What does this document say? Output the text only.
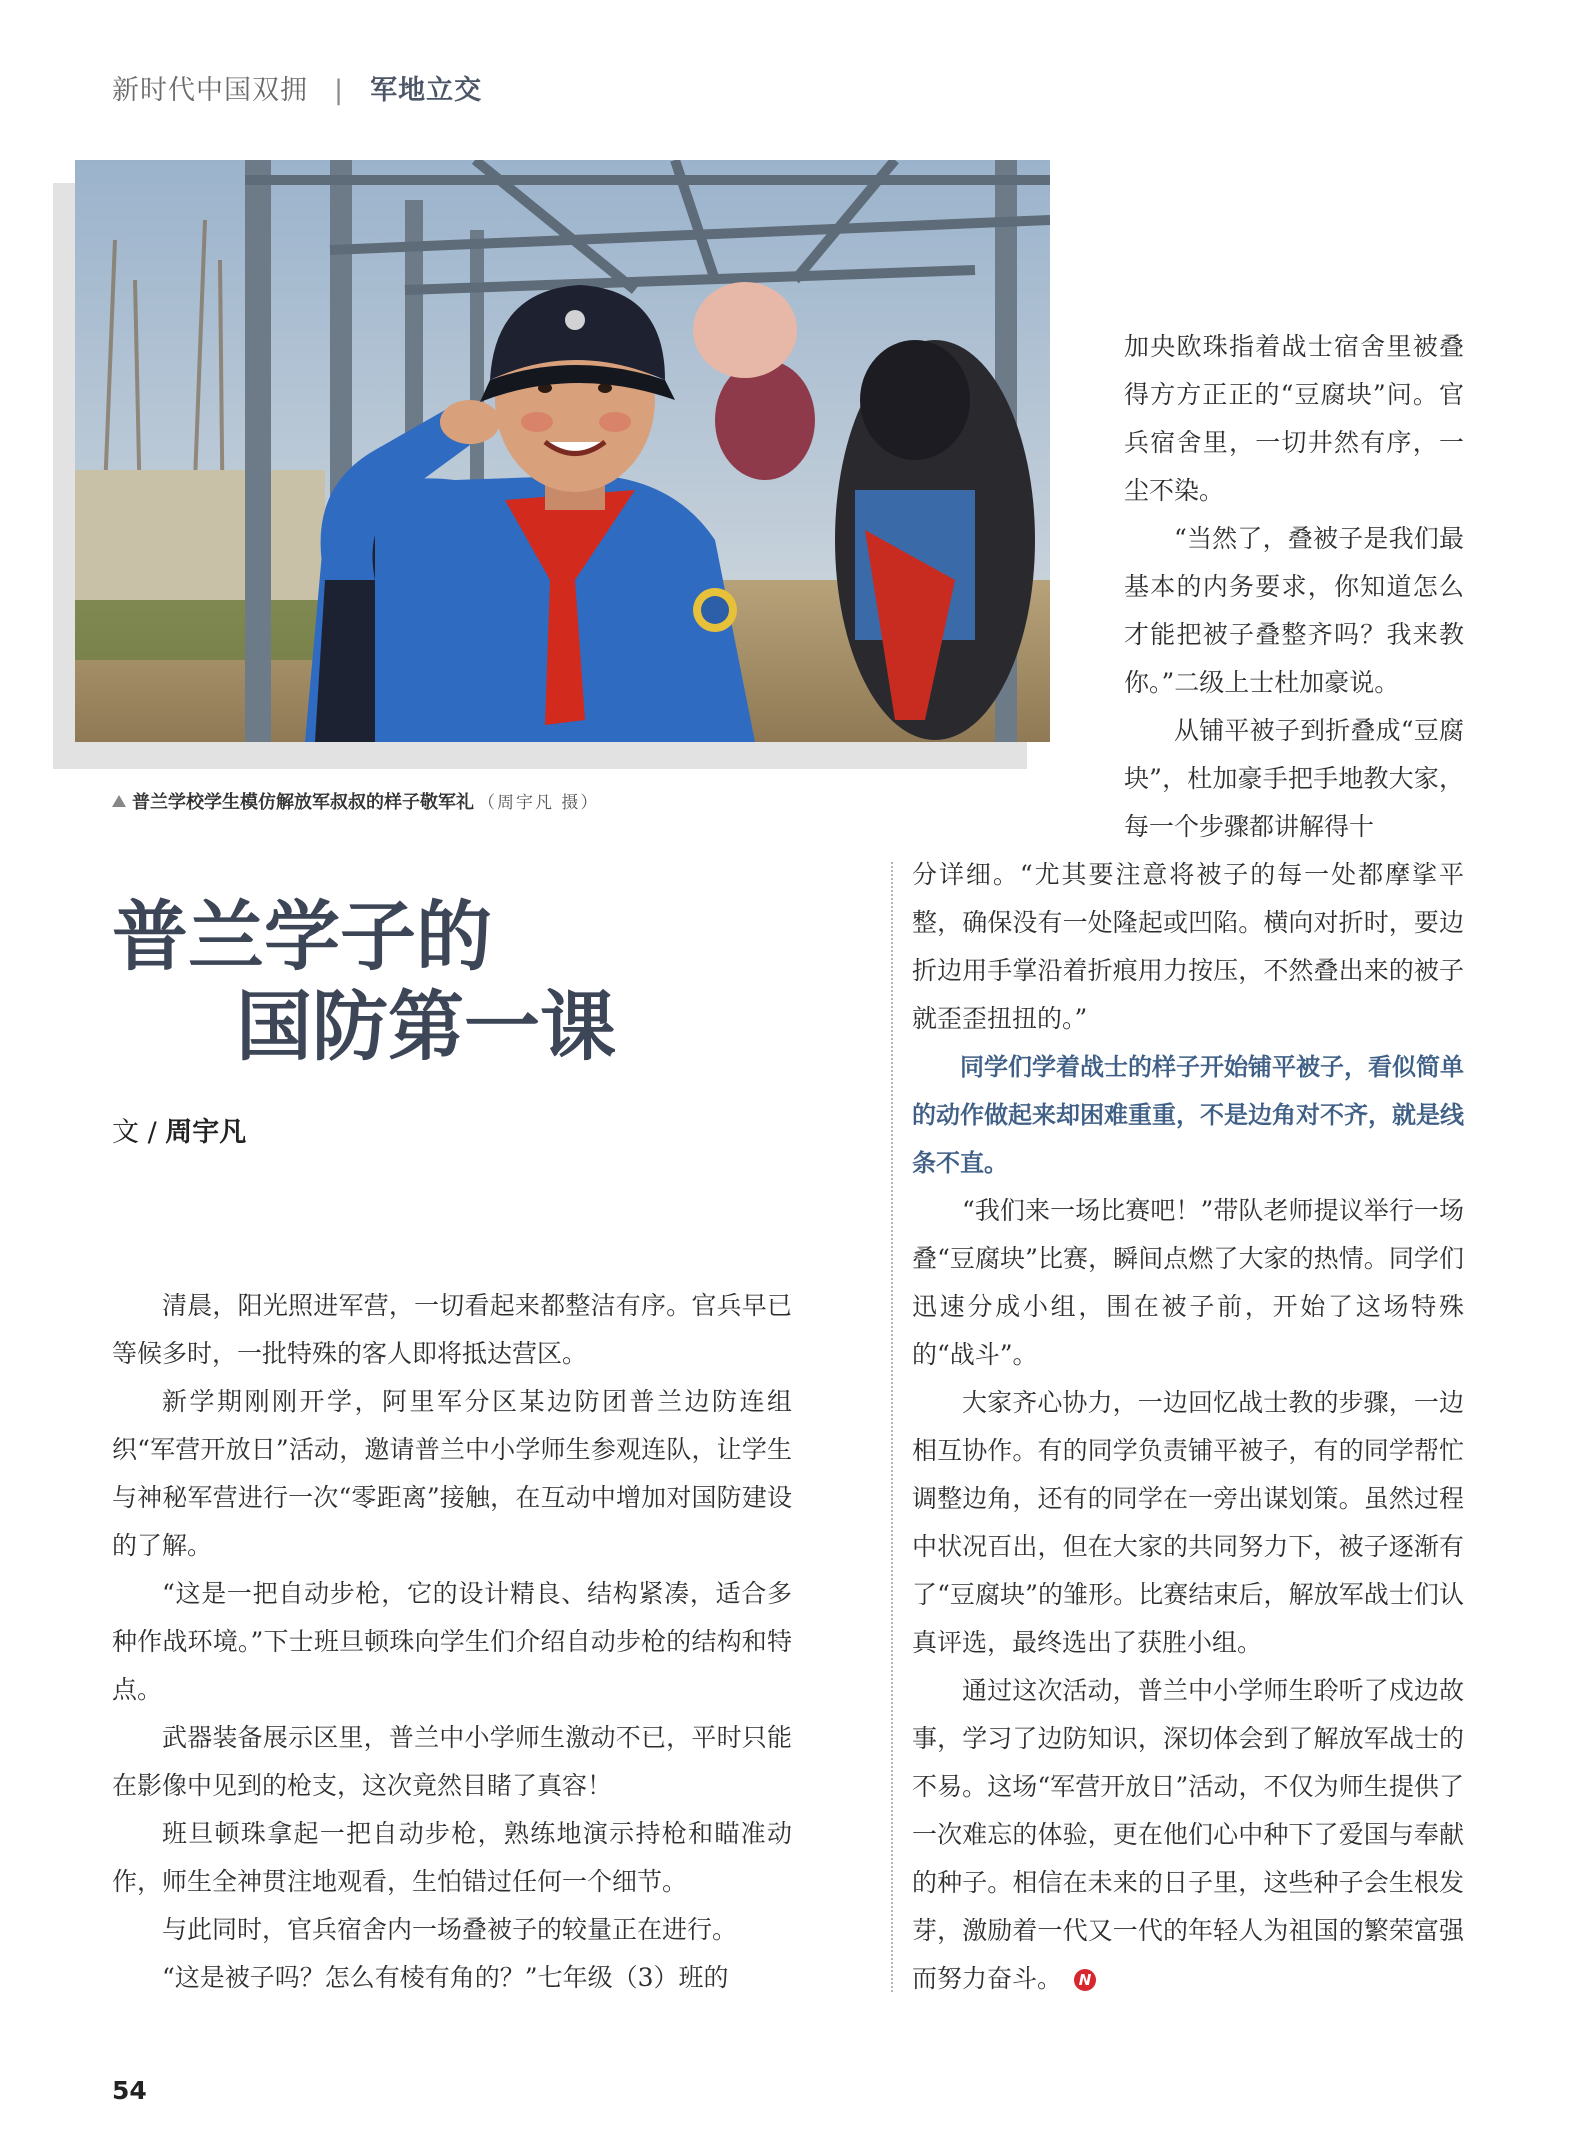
新时代中国双拥 | 军地立交
普兰学校学生模仿解放军叔叔的样子敬军礼 （周宇凡 摄）
普兰学子的
国防第一课
文 / 周宇凡

清晨，阳光照进军营，一切看起来都整洁有序。官兵早已等候多时，一批特殊的客人即将抵达营区。

新学期刚刚开学，阿里军分区某边防团普兰边防连组织“军营开放日”活动，邀请普兰中小学师生参观连队，让学生与神秘军营进行一次“零距离”接触，在互动中增加对国防建设的了解。

“这是一把自动步枪，它的设计精良、结构紧凑，适合多种作战环境。”下士班旦顿珠向学生们介绍自动步枪的结构和特点。

武器装备展示区里，普兰中小学师生激动不已，平时只能在影像中见到的枪支，这次竟然目睹了真容！

班旦顿珠拿起一把自动步枪，熟练地演示持枪和瞄准动作，师生全神贯注地观看，生怕错过任何一个细节。

与此同时，官兵宿舍内一场叠被子的较量正在进行。

“这是被子吗？怎么有棱有角的？”七年级（3）班的

加央欧珠指着战士宿舍里被叠得方方正正的“豆腐块”问。官兵宿舍里，一切井然有序，一尘不染。

“当然了，叠被子是我们最基本的内务要求，你知道怎么才能把被子叠整齐吗？我来教你。”二级上士杜加豪说。

从铺平被子到折叠成“豆腐块”，杜加豪手把手地教大家，每一个步骤都讲解得十

分详细。“尤其要注意将被子的每一处都摩挲平整，确保没有一处隆起或凹陷。横向对折时，要边折边用手掌沿着折痕用力按压，不然叠出来的被子就歪歪扭扭的。”

同学们学着战士的样子开始铺平被子，看似简单的动作做起来却困难重重，不是边角对不齐，就是线条不直。

“我们来一场比赛吧！”带队老师提议举行一场叠“豆腐块”比赛，瞬间点燃了大家的热情。同学们迅速分成小组，围在被子前，开始了这场特殊的“战斗”。

大家齐心协力，一边回忆战士教的步骤，一边相互协作。有的同学负责铺平被子，有的同学帮忙调整边角，还有的同学在一旁出谋划策。虽然过程中状况百出，但在大家的共同努力下，被子逐渐有了“豆腐块”的雏形。比赛结束后，解放军战士们认真评选，最终选出了获胜小组。

通过这次活动，普兰中小学师生聆听了戍边故事，学习了边防知识，深切体会到了解放军战士的不易。这场“军营开放日”活动，不仅为师生提供了一次难忘的体验，更在他们心中种下了爱国与奉献的种子。相信在未来的日子里，这些种子会生根发芽，激励着一代又一代的年轻人为祖国的繁荣富强而努力奋斗。 N

54
